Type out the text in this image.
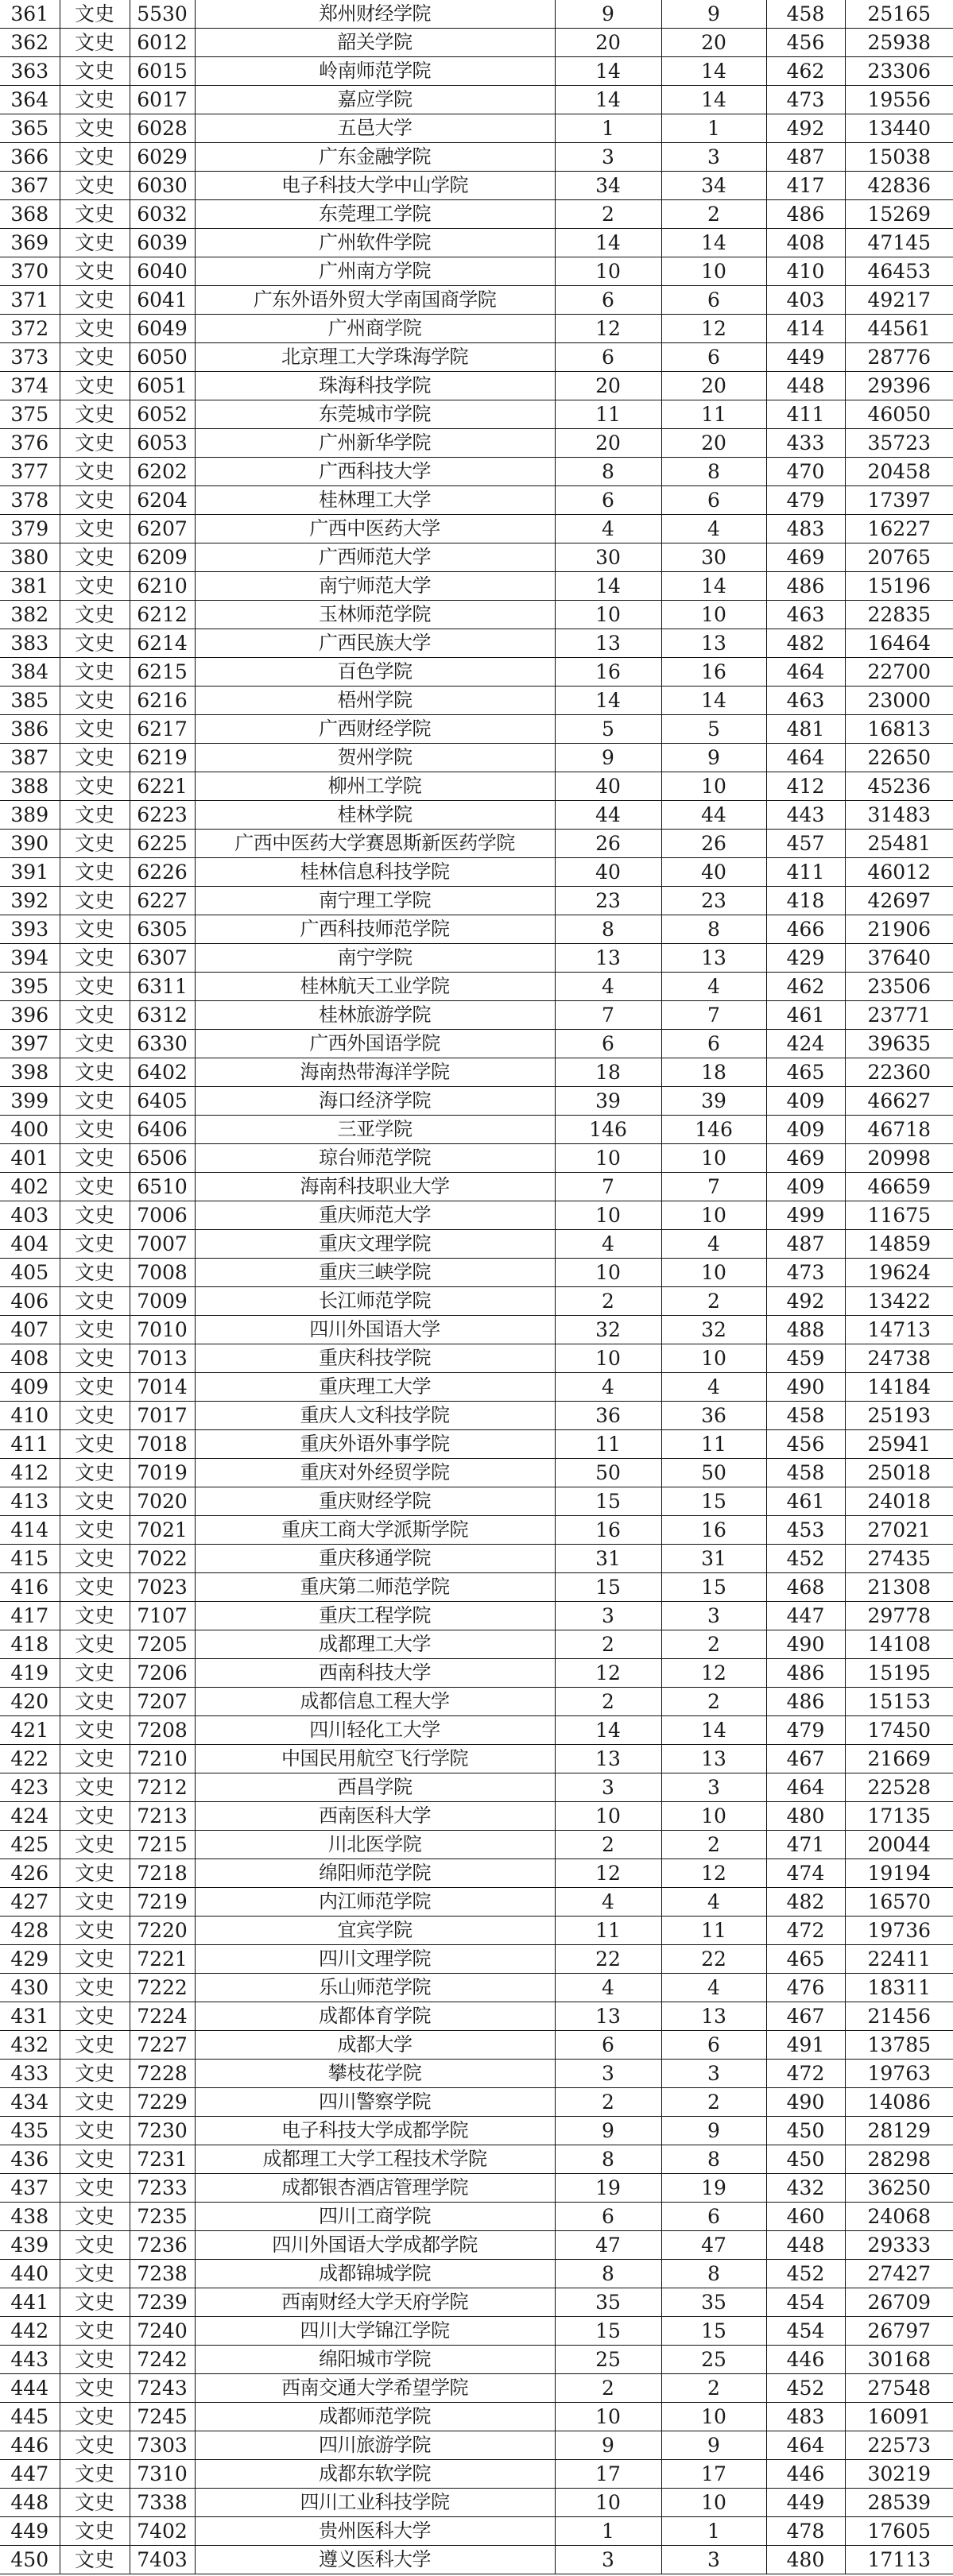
361	文史	5530	郑州财经学院	9	9	458	25165
362	文史	6012	韶关学院	20	20	456	25938
363	文史	6015	岭南师范学院	14	14	462	23306
364	文史	6017	嘉应学院	14	14	473	19556
365	文史	6028	五邑大学	1	1	492	13440
366	文史	6029	广东金融学院	3	3	487	15038
367	文史	6030	电子科技大学中山学院	34	34	417	42836
368	文史	6032	东莞理工学院	2	2	486	15269
369	文史	6039	广州软件学院	14	14	408	47145
370	文史	6040	广州南方学院	10	10	410	46453
371	文史	6041	广东外语外贸大学南国商学院	6	6	403	49217
372	文史	6049	广州商学院	12	12	414	44561
373	文史	6050	北京理工大学珠海学院	6	6	449	28776
374	文史	6051	珠海科技学院	20	20	448	29396
375	文史	6052	东莞城市学院	11	11	411	46050
376	文史	6053	广州新华学院	20	20	433	35723
377	文史	6202	广西科技大学	8	8	470	20458
378	文史	6204	桂林理工大学	6	6	479	17397
379	文史	6207	广西中医药大学	4	4	483	16227
380	文史	6209	广西师范大学	30	30	469	20765
381	文史	6210	南宁师范大学	14	14	486	15196
382	文史	6212	玉林师范学院	10	10	463	22835
383	文史	6214	广西民族大学	13	13	482	16464
384	文史	6215	百色学院	16	16	464	22700
385	文史	6216	梧州学院	14	14	463	23000
386	文史	6217	广西财经学院	5	5	481	16813
387	文史	6219	贺州学院	9	9	464	22650
388	文史	6221	柳州工学院	40	10	412	45236
389	文史	6223	桂林学院	44	44	443	31483
390	文史	6225	广西中医药大学赛恩斯新医药学院	26	26	457	25481
391	文史	6226	桂林信息科技学院	40	40	411	46012
392	文史	6227	南宁理工学院	23	23	418	42697
393	文史	6305	广西科技师范学院	8	8	466	21906
394	文史	6307	南宁学院	13	13	429	37640
395	文史	6311	桂林航天工业学院	4	4	462	23506
396	文史	6312	桂林旅游学院	7	7	461	23771
397	文史	6330	广西外国语学院	6	6	424	39635
398	文史	6402	海南热带海洋学院	18	18	465	22360
399	文史	6405	海口经济学院	39	39	409	46627
400	文史	6406	三亚学院	146	146	409	46718
401	文史	6506	琼台师范学院	10	10	469	20998
402	文史	6510	海南科技职业大学	7	7	409	46659
403	文史	7006	重庆师范大学	10	10	499	11675
404	文史	7007	重庆文理学院	4	4	487	14859
405	文史	7008	重庆三峡学院	10	10	473	19624
406	文史	7009	长江师范学院	2	2	492	13422
407	文史	7010	四川外国语大学	32	32	488	14713
408	文史	7013	重庆科技学院	10	10	459	24738
409	文史	7014	重庆理工大学	4	4	490	14184
410	文史	7017	重庆人文科技学院	36	36	458	25193
411	文史	7018	重庆外语外事学院	11	11	456	25941
412	文史	7019	重庆对外经贸学院	50	50	458	25018
413	文史	7020	重庆财经学院	15	15	461	24018
414	文史	7021	重庆工商大学派斯学院	16	16	453	27021
415	文史	7022	重庆移通学院	31	31	452	27435
416	文史	7023	重庆第二师范学院	15	15	468	21308
417	文史	7107	重庆工程学院	3	3	447	29778
418	文史	7205	成都理工大学	2	2	490	14108
419	文史	7206	西南科技大学	12	12	486	15195
420	文史	7207	成都信息工程大学	2	2	486	15153
421	文史	7208	四川轻化工大学	14	14	479	17450
422	文史	7210	中国民用航空飞行学院	13	13	467	21669
423	文史	7212	西昌学院	3	3	464	22528
424	文史	7213	西南医科大学	10	10	480	17135
425	文史	7215	川北医学院	2	2	471	20044
426	文史	7218	绵阳师范学院	12	12	474	19194
427	文史	7219	内江师范学院	4	4	482	16570
428	文史	7220	宜宾学院	11	11	472	19736
429	文史	7221	四川文理学院	22	22	465	22411
430	文史	7222	乐山师范学院	4	4	476	18311
431	文史	7224	成都体育学院	13	13	467	21456
432	文史	7227	成都大学	6	6	491	13785
433	文史	7228	攀枝花学院	3	3	472	19763
434	文史	7229	四川警察学院	2	2	490	14086
435	文史	7230	电子科技大学成都学院	9	9	450	28129
436	文史	7231	成都理工大学工程技术学院	8	8	450	28298
437	文史	7233	成都银杏酒店管理学院	19	19	432	36250
438	文史	7235	四川工商学院	6	6	460	24068
439	文史	7236	四川外国语大学成都学院	47	47	448	29333
440	文史	7238	成都锦城学院	8	8	452	27427
441	文史	7239	西南财经大学天府学院	35	35	454	26709
442	文史	7240	四川大学锦江学院	15	15	454	26797
443	文史	7242	绵阳城市学院	25	25	446	30168
444	文史	7243	西南交通大学希望学院	2	2	452	27548
445	文史	7245	成都师范学院	10	10	483	16091
446	文史	7303	四川旅游学院	9	9	464	22573
447	文史	7310	成都东软学院	17	17	446	30219
448	文史	7338	四川工业科技学院	10	10	449	28539
449	文史	7402	贵州医科大学	1	1	478	17605
450	文史	7403	遵义医科大学	3	3	480	17113
